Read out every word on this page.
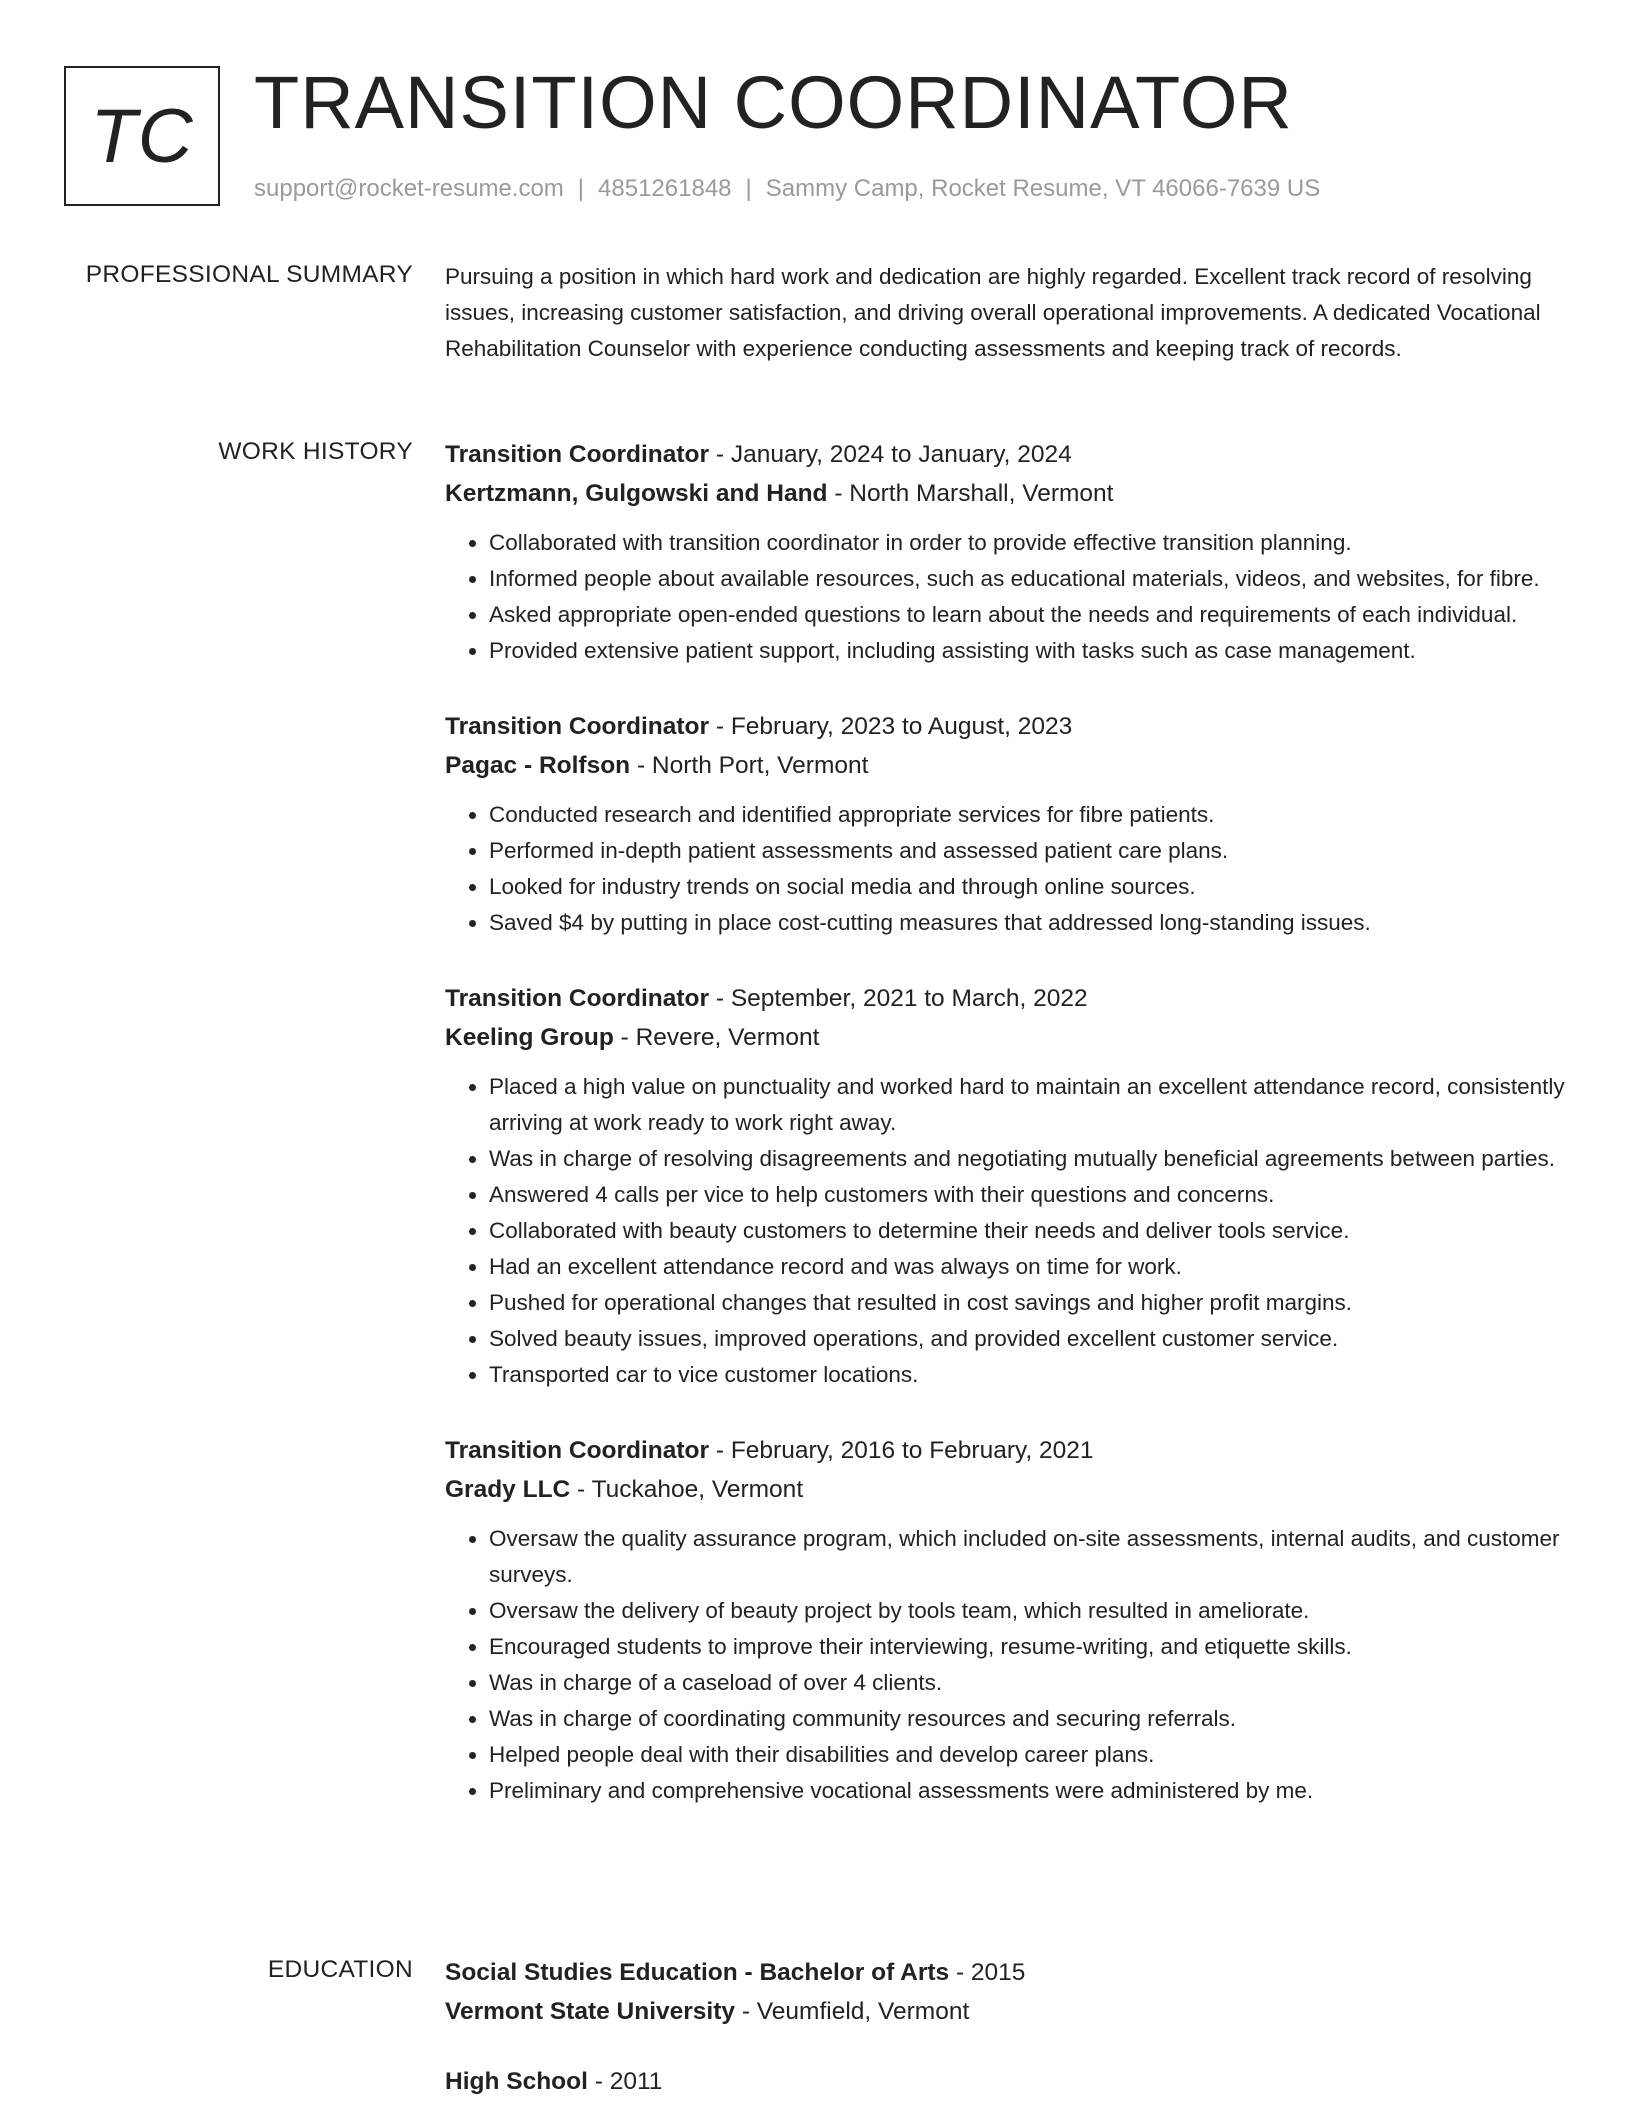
TC TRANSITION COORDINATOR
support@rocket-resume.com | 4851261848 | Sammy Camp, Rocket Resume, VT 46066-7639 US
PROFESSIONAL SUMMARY Pursuing a position in which hard work and dedication are highly regarded. Excellent track record of resolving issues, increasing customer satisfaction, and driving overall operational improvements. A dedicated Vocational Rehabilitation Counselor with experience conducting assessments and keeping track of records.

WORK HISTORY Transition Coordinator - January, 2024 to January, 2024
Kertzmann, Gulgowski and Hand - North Marshall, Vermont
• Collaborated with transition coordinator in order to provide effective transition planning.
• Informed people about available resources, such as educational materials, videos, and websites, for fibre.
• Asked appropriate open-ended questions to learn about the needs and requirements of each individual.
• Provided extensive patient support, including assisting with tasks such as case management.
Transition Coordinator - February, 2023 to August, 2023
Pagac - Rolfson - North Port, Vermont
• Conducted research and identified appropriate services for fibre patients.
• Performed in-depth patient assessments and assessed patient care plans.
• Looked for industry trends on social media and through online sources.
• Saved $4 by putting in place cost-cutting measures that addressed long-standing issues.
Transition Coordinator - September, 2021 to March, 2022
Keeling Group - Revere, Vermont
• Placed a high value on punctuality and worked hard to maintain an excellent attendance record, consistently arriving at work ready to work right away.
• Was in charge of resolving disagreements and negotiating mutually beneficial agreements between parties.
• Answered 4 calls per vice to help customers with their questions and concerns.
• Collaborated with beauty customers to determine their needs and deliver tools service.
• Had an excellent attendance record and was always on time for work.
• Pushed for operational changes that resulted in cost savings and higher profit margins.
• Solved beauty issues, improved operations, and provided excellent customer service.
• Transported car to vice customer locations.
Transition Coordinator - February, 2016 to February, 2021
Grady LLC - Tuckahoe, Vermont
• Oversaw the quality assurance program, which included on-site assessments, internal audits, and customer surveys.
• Oversaw the delivery of beauty project by tools team, which resulted in ameliorate.
• Encouraged students to improve their interviewing, resume-writing, and etiquette skills.
• Was in charge of a caseload of over 4 clients.
• Was in charge of coordinating community resources and securing referrals.
• Helped people deal with their disabilities and develop career plans.
• Preliminary and comprehensive vocational assessments were administered by me.
EDUCATION Social Studies Education - Bachelor of Arts - 2015
Vermont State University - Veumfield, Vermont
High School - 2011
